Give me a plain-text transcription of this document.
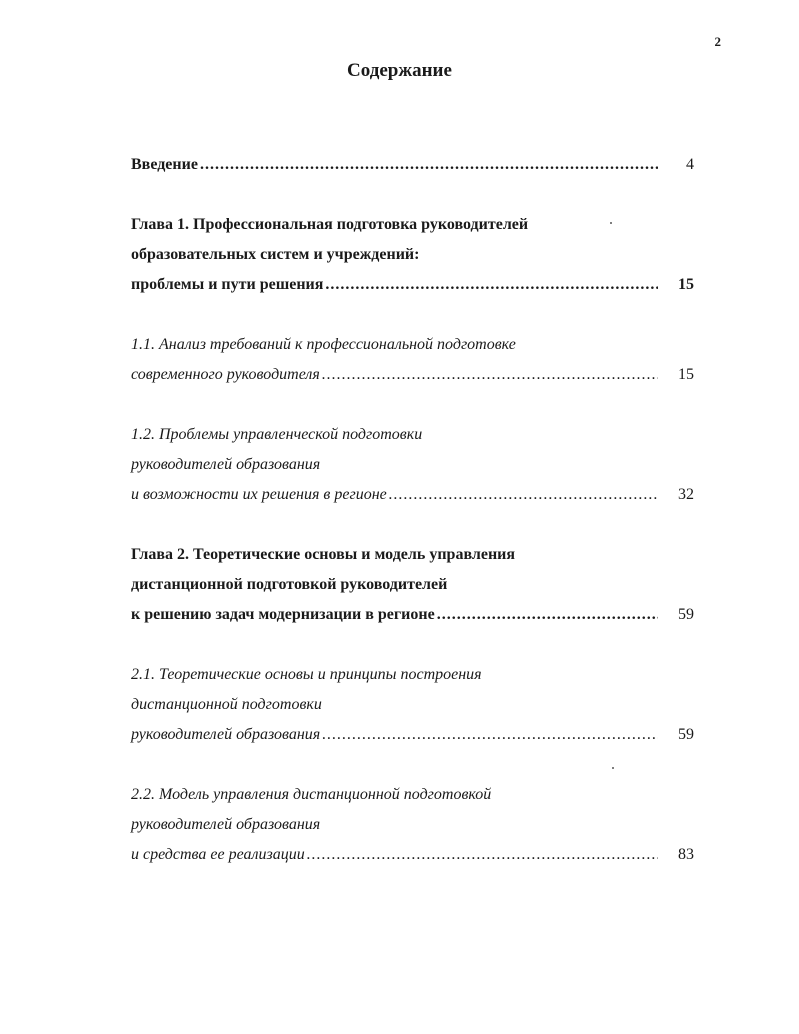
2
Содержание
Введение .....	4
Глава 1. Профессиональная подготовка руководителей
образовательных систем и учреждений:
проблемы и пути решения .....	15
1.1. Анализ требований к профессиональной подготовке
современного руководителя .....	15
1.2. Проблемы управленческой подготовки
руководителей образования
и возможности их решения в регионе .....	32
Глава 2. Теоретические основы и модель управления
дистанционной подготовкой руководителей
к решению задач модернизации в регионе .....	59
2.1. Теоретические основы и принципы построения
дистанционной подготовки
руководителей образования .....	59
2.2. Модель управления дистанционной подготовкой
руководителей образования
и средства ее реализации .....	83
